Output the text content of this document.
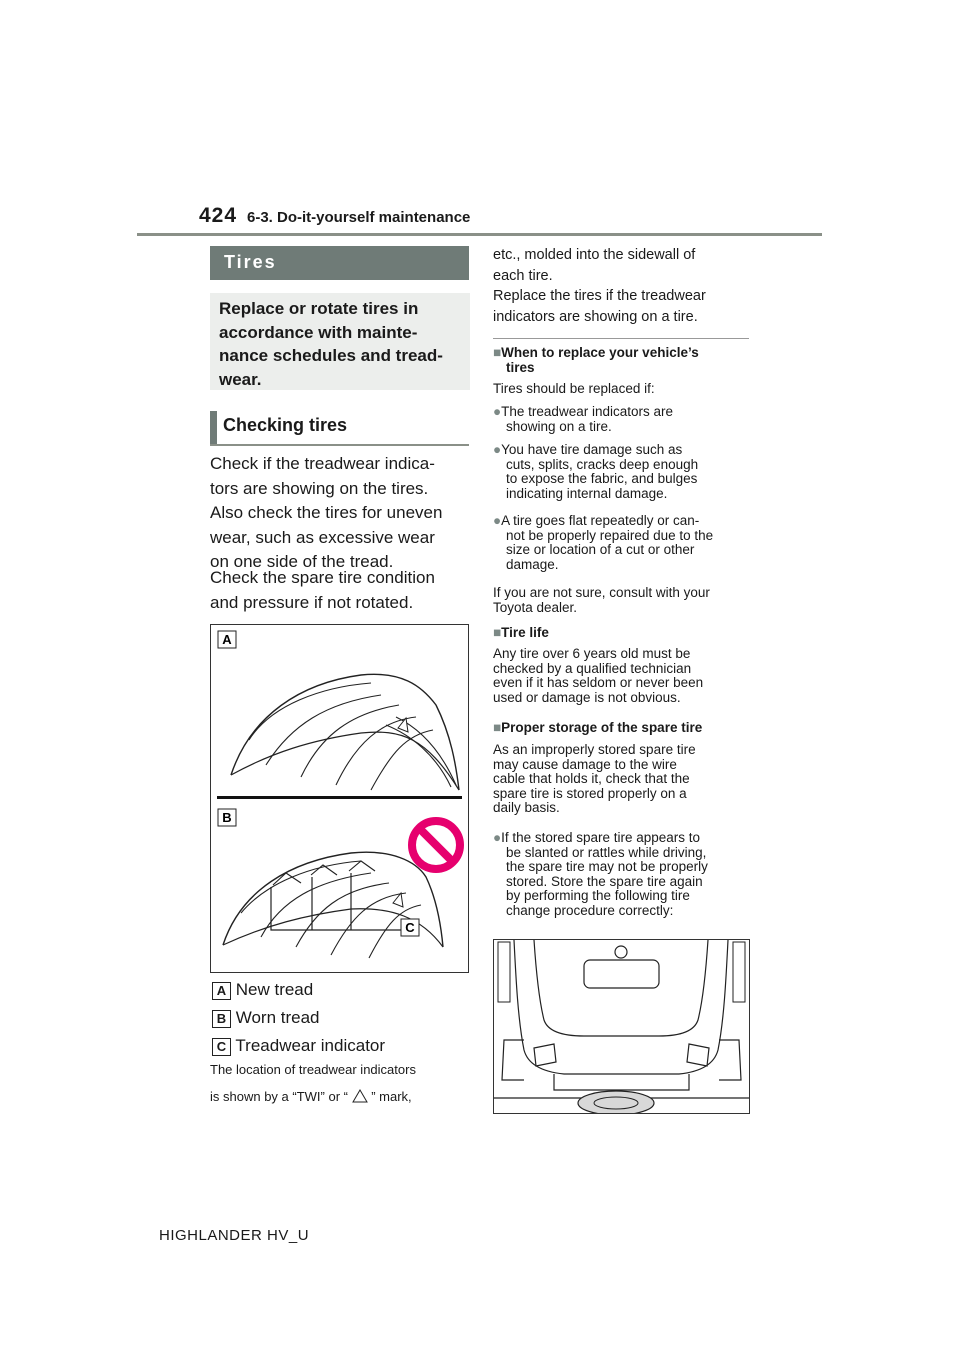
424 6-3. Do-it-yourself maintenance
Tires
Replace or rotate tires in accordance with mainte- nance schedules and tread- wear.
Checking tires
Check if the treadwear indica-
tors are showing on the tires.
Also check the tires for uneven
wear, such as excessive wear
on one side of the tread.
Check the spare tire condition
and pressure if not rotated.
A
B
C
A New tread
B Worn tread
C Treadwear indicator
The location of treadwear indicators
is shown by a “TWI” or “ ” mark,
etc., molded into the sidewall of
each tire.
Replace the tires if the treadwear
indicators are showing on a tire.
■When to replace your vehicle’s
tires
Tires should be replaced if:
●The treadwear indicators are
showing on a tire.
●You have tire damage such as
cuts, splits, cracks deep enough
to expose the fabric, and bulges
indicating internal damage.
●A tire goes flat repeatedly or can-
not be properly repaired due to the
size or location of a cut or other
damage.
If you are not sure, consult with your
Toyota dealer.
■Tire life
Any tire over 6 years old must be
checked by a qualified technician
even if it has seldom or never been
used or damage is not obvious.
■Proper storage of the spare tire
As an improperly stored spare tire
may cause damage to the wire
cable that holds it, check that the
spare tire is stored properly on a
daily basis.
●If the stored spare tire appears to
be slanted or rattles while driving,
the spare tire may not be properly
stored. Store the spare tire again
by performing the following tire
change procedure correctly:
HIGHLANDER HV_U
